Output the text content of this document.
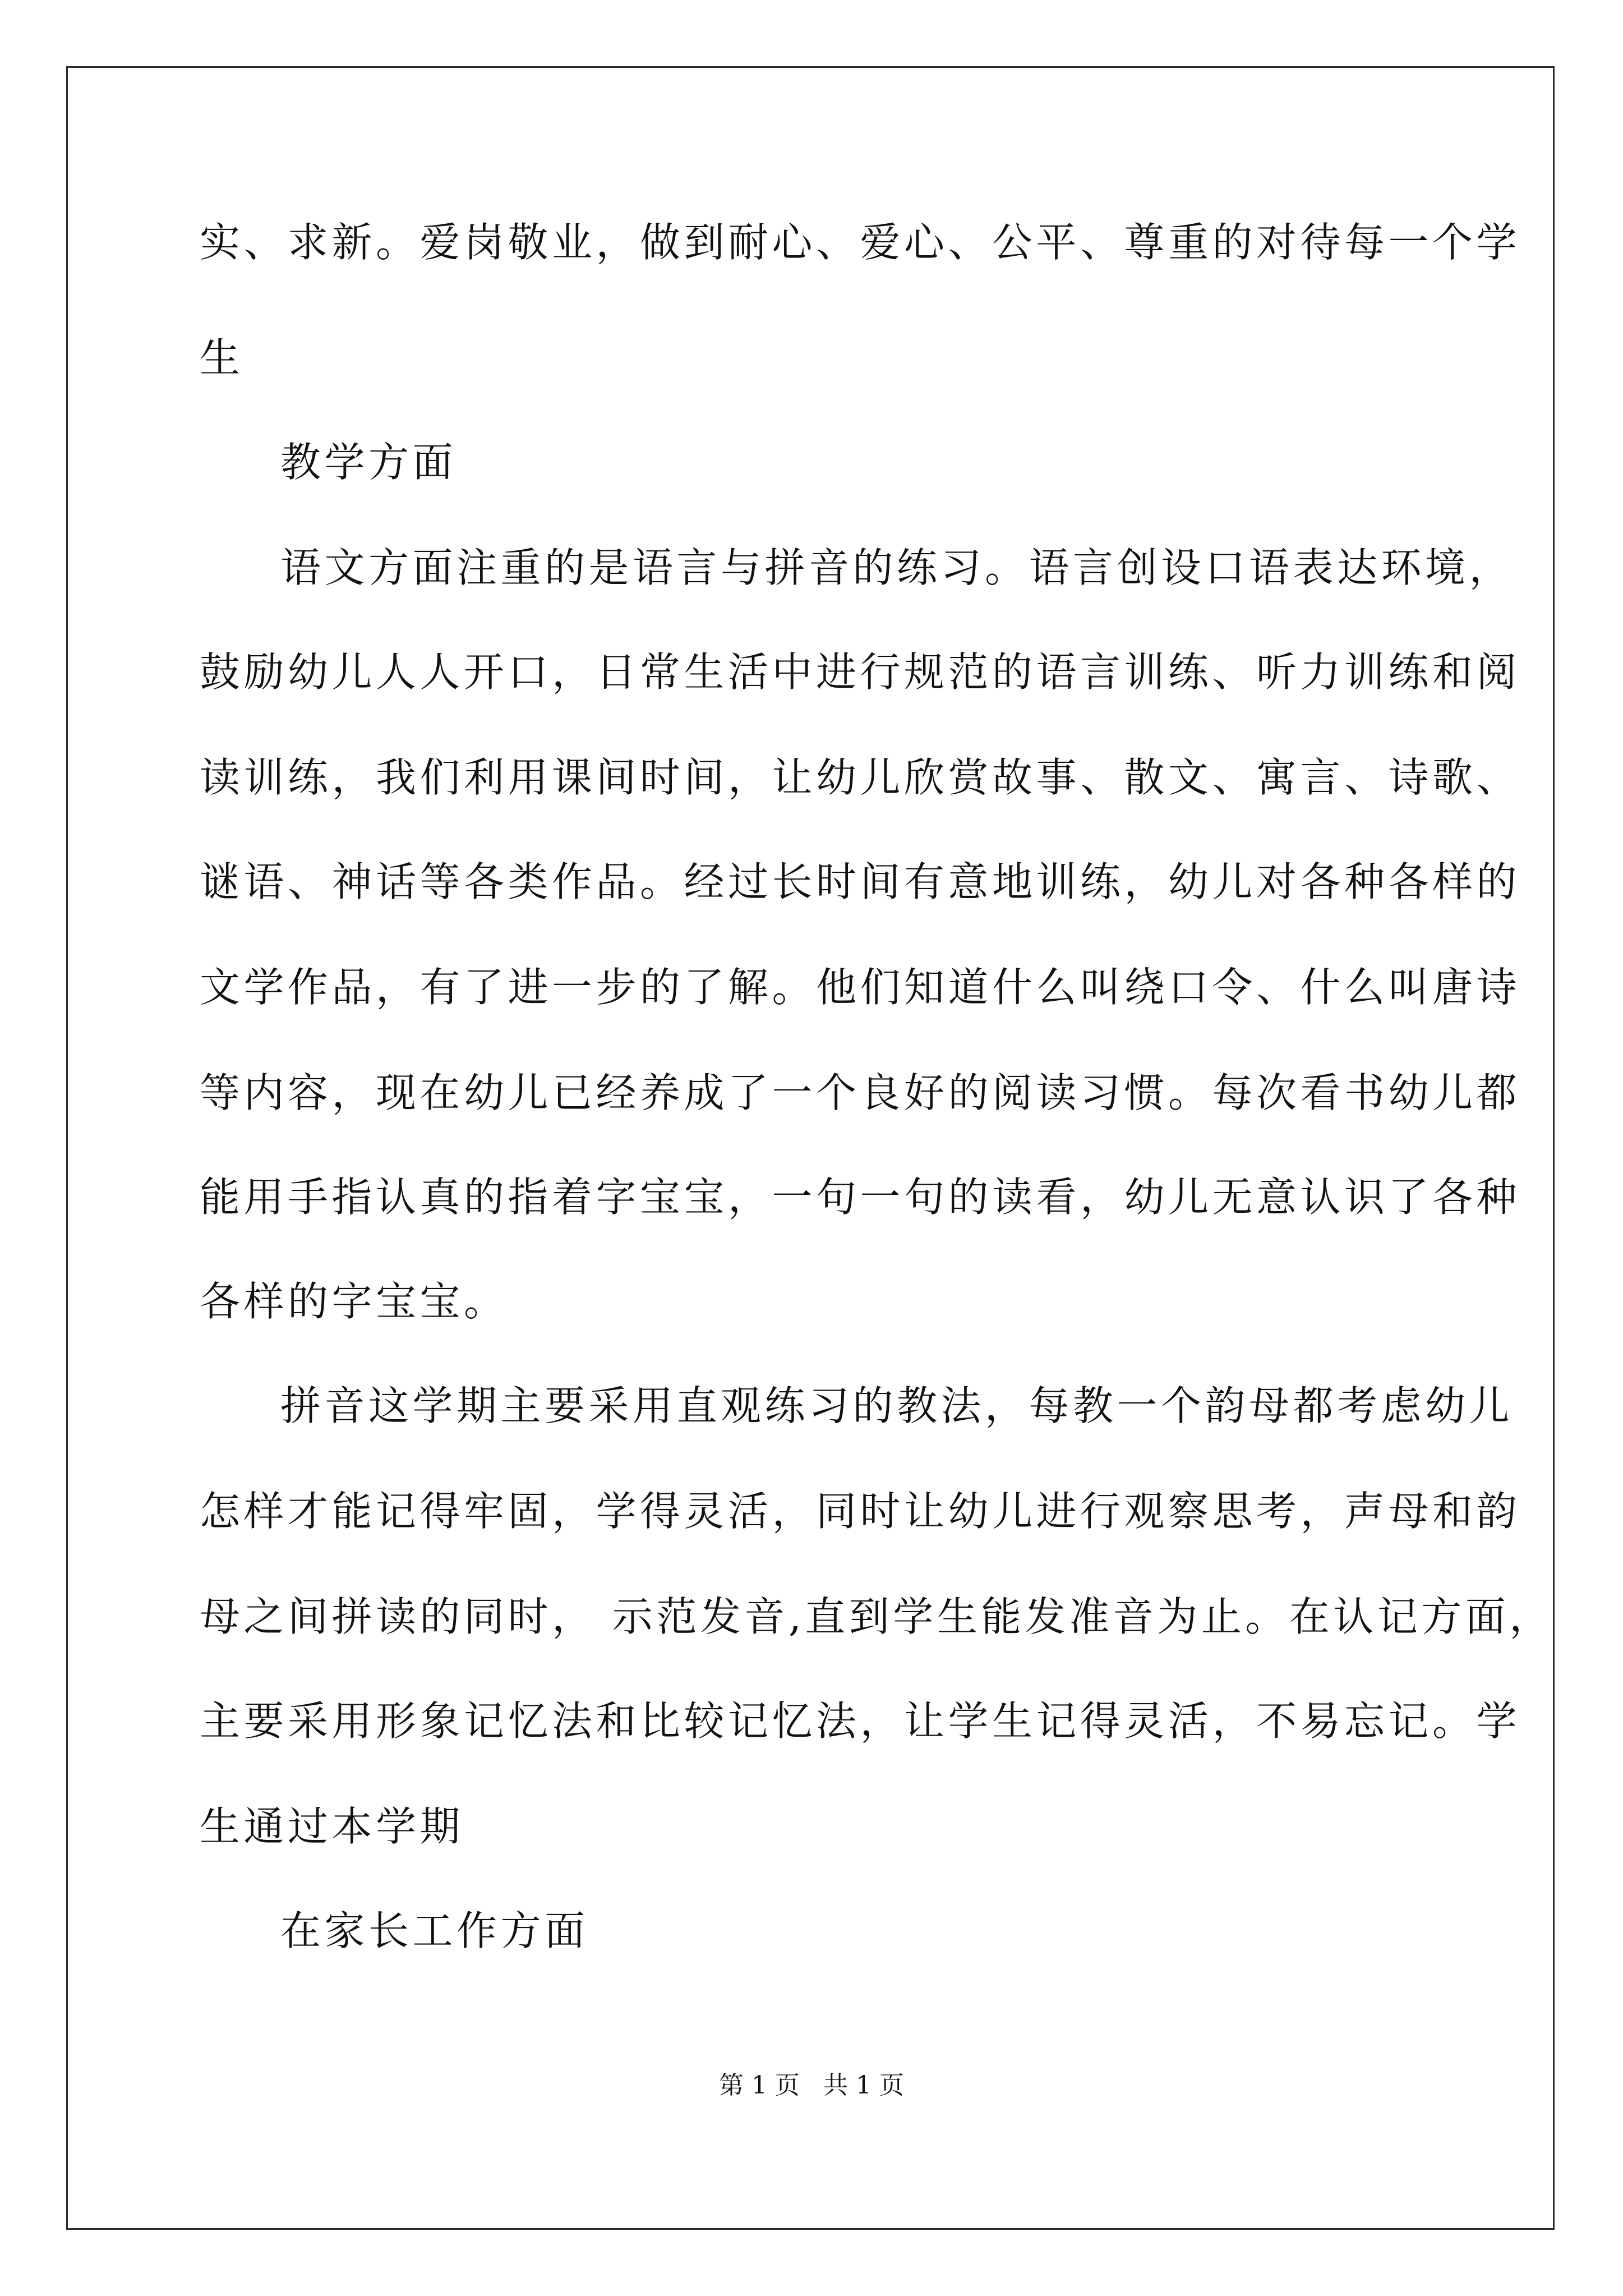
实、求新。爱岗敬业，做到耐心、爱心、公平、尊重的对待每一个学
生
教学方面
语文方面注重的是语言与拼音的练习。语言创设口语表达环境，
鼓励幼儿人人开口，日常生活中进行规范的语言训练、听力训练和阅
读训练，我们利用课间时间，让幼儿欣赏故事、散文、寓言、诗歌、
谜语、神话等各类作品。经过长时间有意地训练，幼儿对各种各样的
文学作品，有了进一步的了解。他们知道什么叫绕口令、什么叫唐诗
等内容，现在幼儿已经养成了一个良好的阅读习惯。每次看书幼儿都
能用手指认真的指着字宝宝，一句一句的读看，幼儿无意认识了各种
各样的字宝宝。
拼音这学期主要采用直观练习的教法，每教一个韵母都考虑幼儿
怎样才能记得牢固，学得灵活，同时让幼儿进行观察思考，声母和韵
母之间拼读的同时， 示范发音,直到学生能发准音为止。在认记方面，
主要采用形象记忆法和比较记忆法，让学生记得灵活，不易忘记。学
生通过本学期
在家长工作方面
第 1 页   共 1 页
